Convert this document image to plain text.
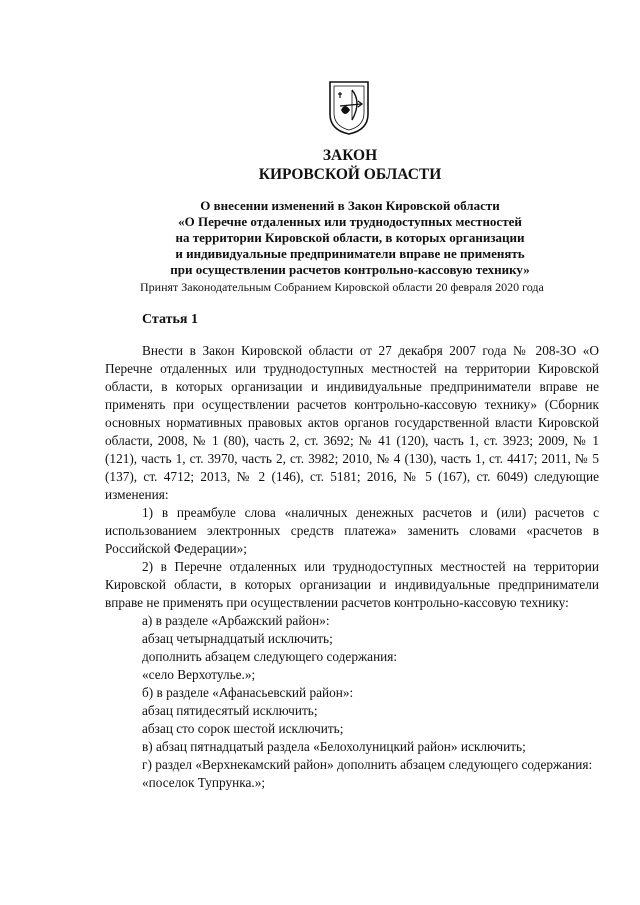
ЗАКОН
КИРОВСКОЙ ОБЛАСТИ
О внесении изменений в Закон Кировской области
«О Перечне отдаленных или труднодоступных местностей
на территории Кировской области, в которых организации
и индивидуальные предприниматели вправе не применять
при осуществлении расчетов контрольно-кассовую технику»
Принят Законодательным Собранием Кировской области 20 февраля 2020 года
Статья 1

Внести в Закон Кировской области от 27 декабря 2007 года № 208-ЗО «О Перечне отдаленных или труднодоступных местностей на территории Кировской области, в которых организации и индивидуальные предприниматели вправе не применять при осуществлении расчетов контрольно-кассовую технику» (Сборник основных нормативных правовых актов органов государственной власти Кировской области, 2008, № 1 (80), часть 2, ст. 3692; № 41 (120), часть 1, ст. 3923; 2009, № 1 (121), часть 1, ст. 3970, часть 2, ст. 3982; 2010, № 4 (130), часть 1, ст. 4417; 2011, № 5 (137), ст. 4712; 2013, № 2 (146), ст. 5181; 2016, № 5 (167), ст. 6049) следующие изменения:

1) в преамбуле слова «наличных денежных расчетов и (или) расчетов с использованием электронных средств платежа» заменить словами «расчетов в Российской Федерации»;

2) в Перечне отдаленных или труднодоступных местностей на территории Кировской области, в которых организации и индивидуальные предприниматели вправе не применять при осуществлении расчетов контрольно-кассовую технику:

а) в разделе «Арбажский район»:

абзац четырнадцатый исключить;

дополнить абзацем следующего содержания:

«село Верхотулье.»;

б) в разделе «Афанасьевский район»:

абзац пятидесятый исключить;

абзац сто сорок шестой исключить;

в) абзац пятнадцатый раздела «Белохолуницкий район» исключить;

г) раздел «Верхнекамский район» дополнить абзацем следующего содержания:

«поселок Тупрунка.»;
